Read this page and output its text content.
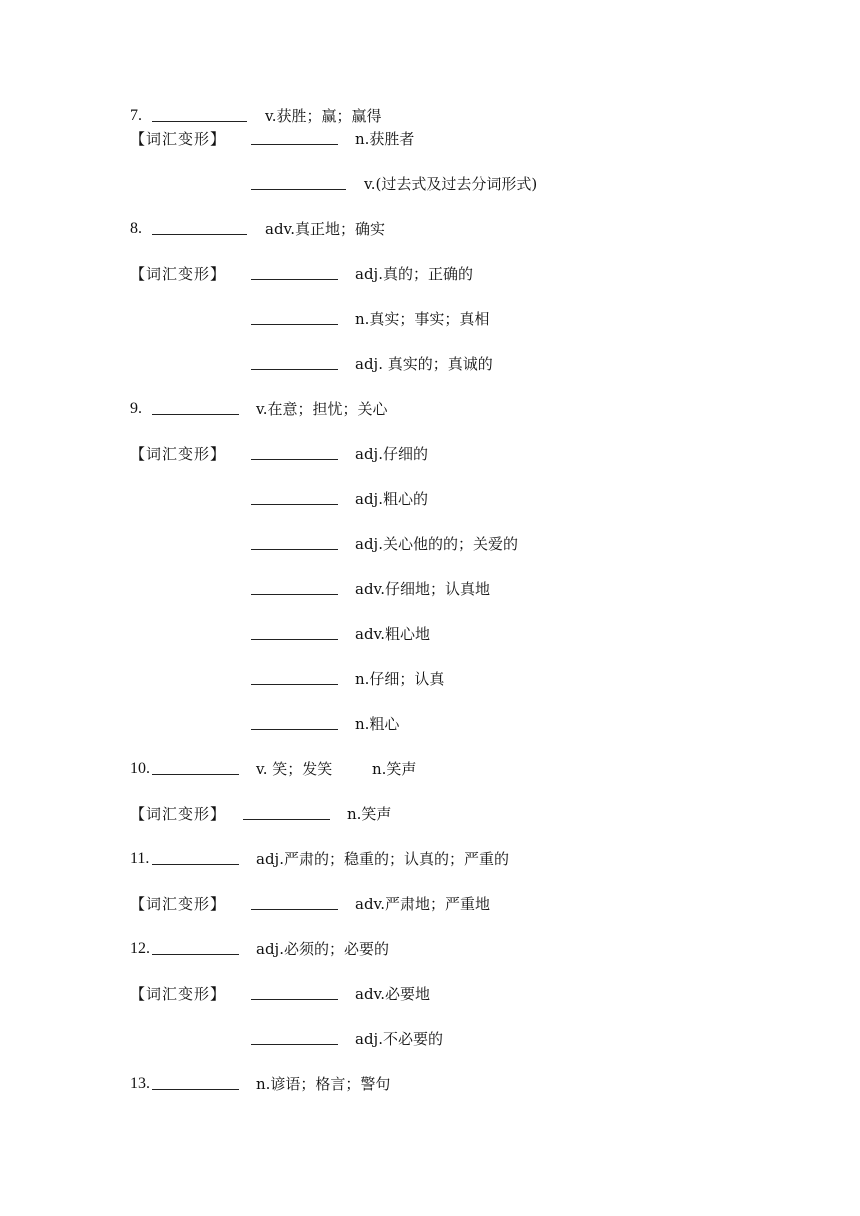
7.	v.获胜；赢；赢得
【词汇变形】	n.获胜者
v.(过去式及过去分词形式)
8.	adv.真正地；确实
【词汇变形】	adj.真的；正确的
n.真实；事实；真相
adj. 真实的；真诚的
9.	v.在意；担忧；关心
【词汇变形】	adj.仔细的
adj.粗心的
adj.关心他的的；关爱的
adv.仔细地；认真地
adv.粗心地
n.仔细；认真
n.粗心
10.	v. 笑；发笑	n.笑声
【词汇变形】	n.笑声
11.	adj.严肃的；稳重的；认真的；严重的
【词汇变形】	adv.严肃地；严重地
12.	adj.必须的；必要的
【词汇变形】	adv.必要地
adj.不必要的
13.	n.谚语；格言；警句
